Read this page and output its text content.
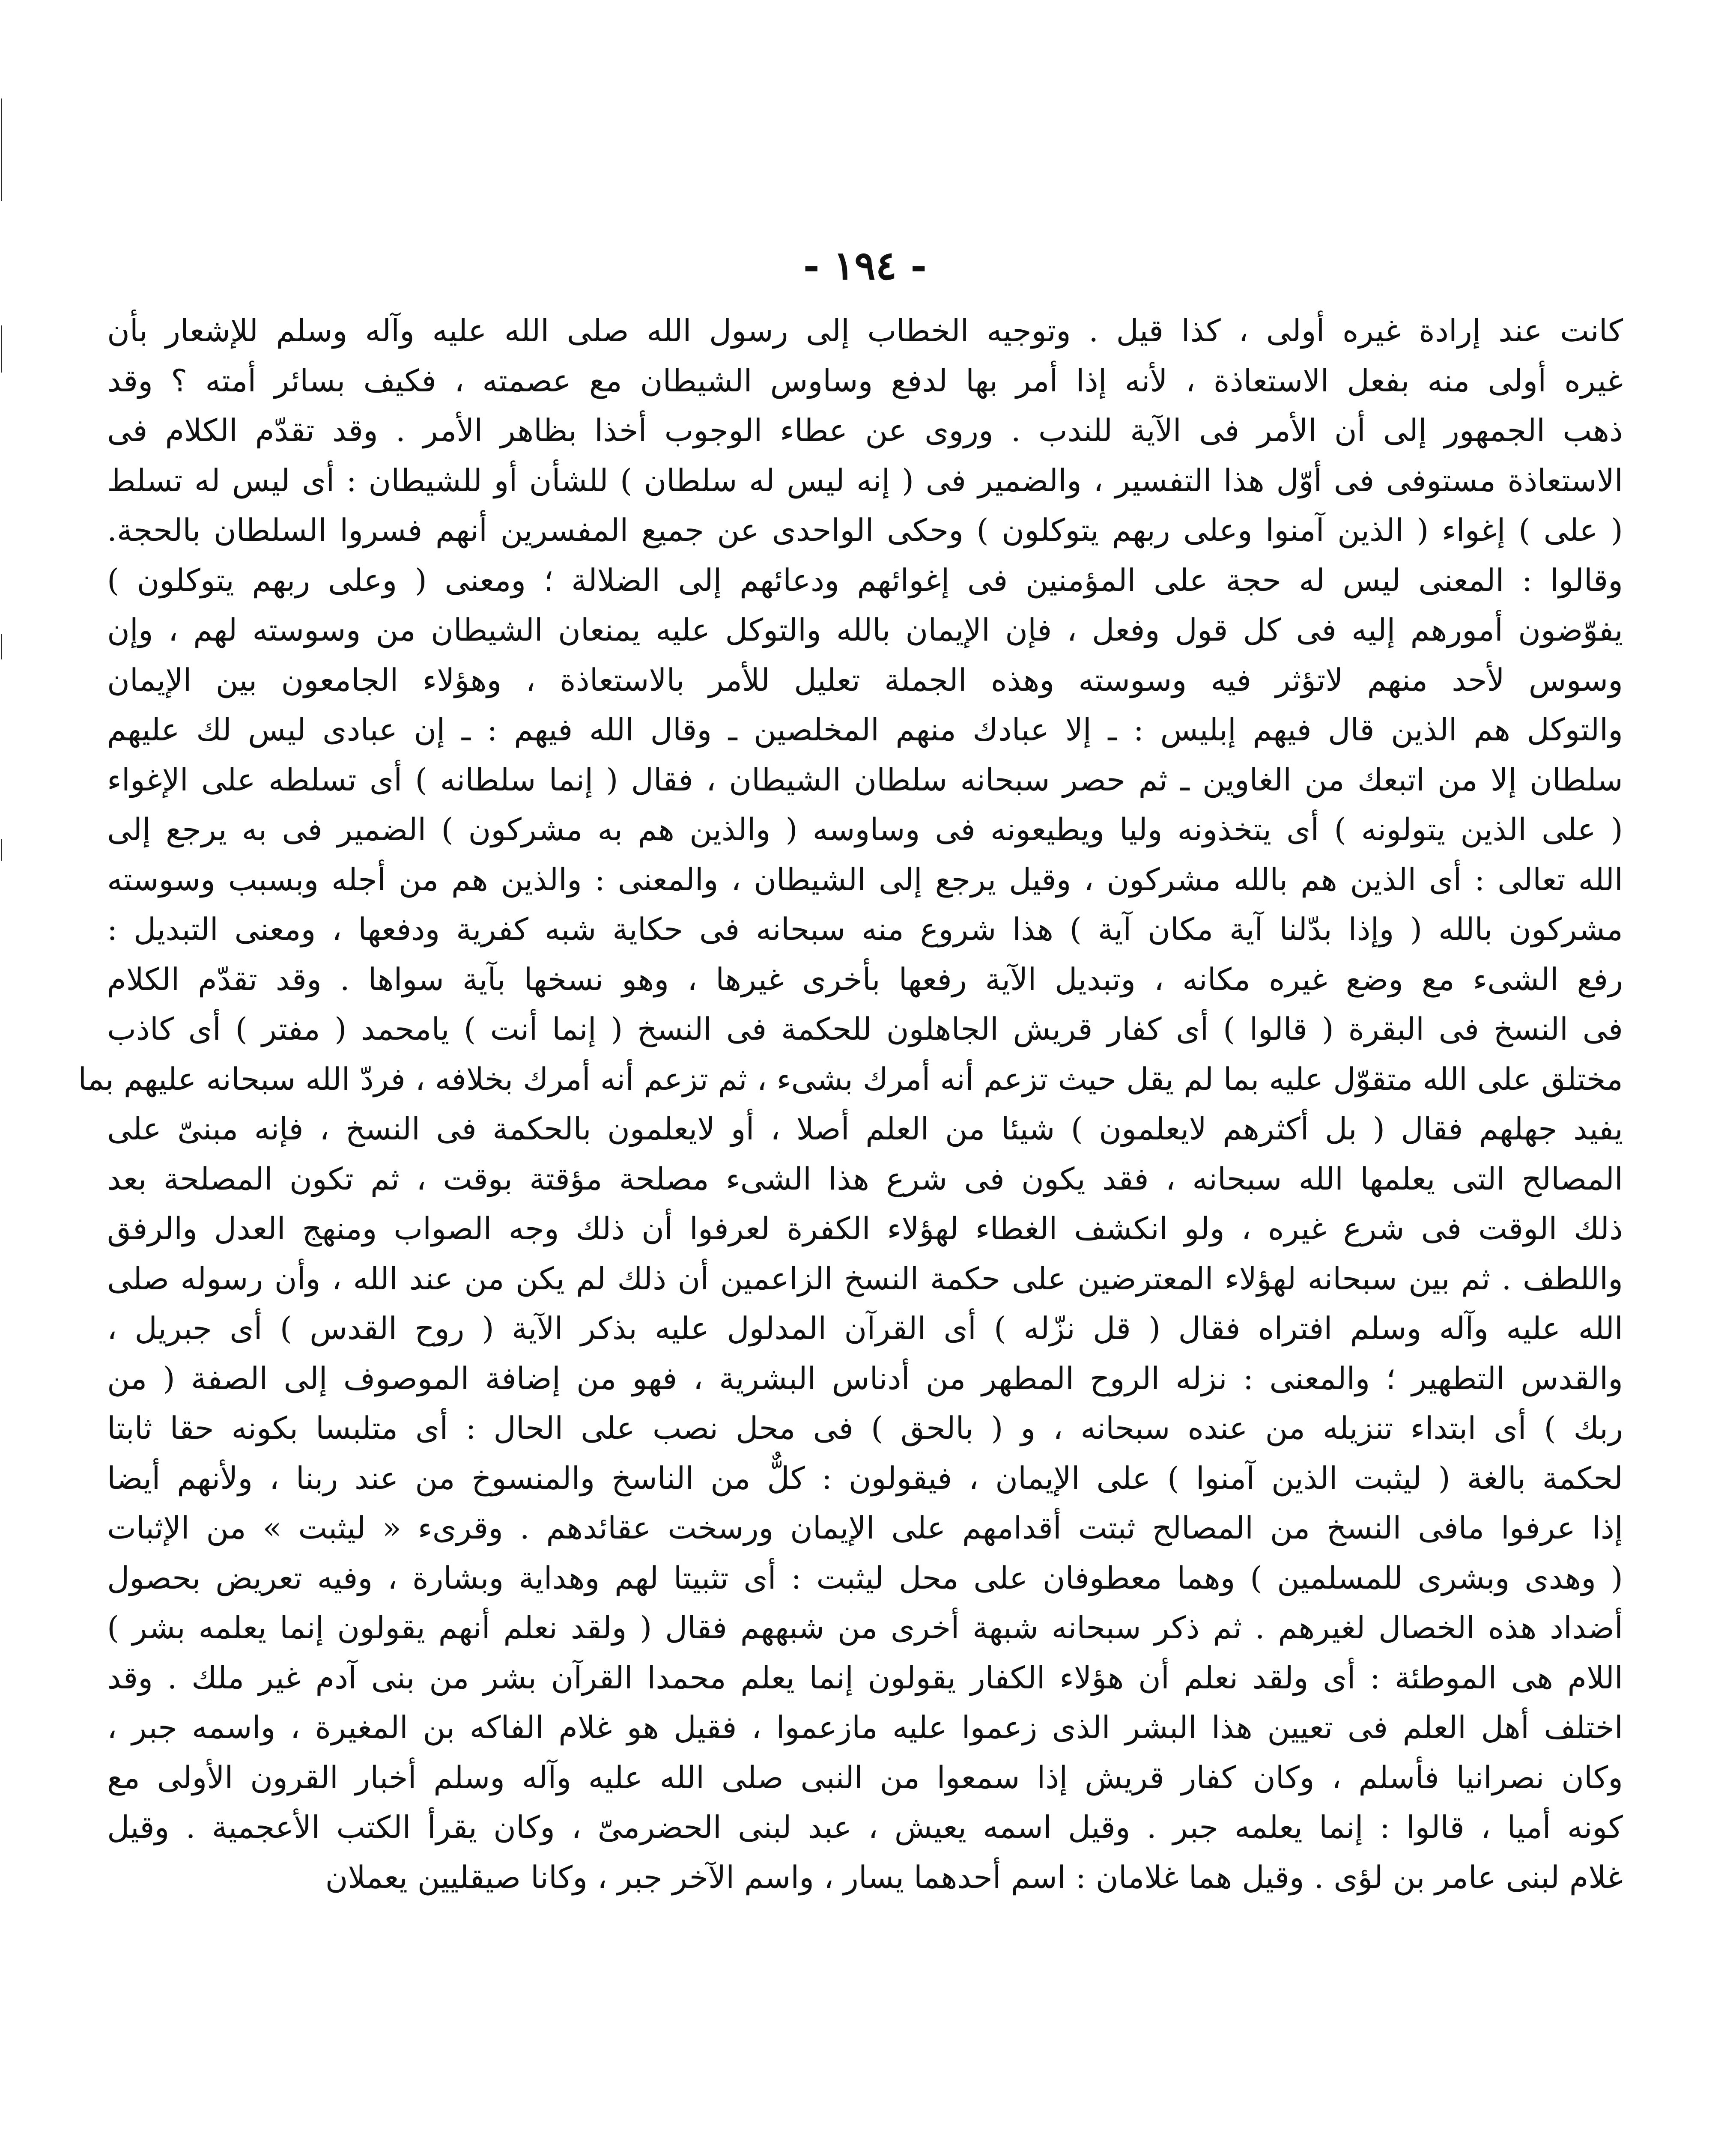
- ١٩٤ -
كانت عند إرادة غيره أولى ، كذا قيل . وتوجيه الخطاب إلى رسول الله صلى الله عليه وآله وسلم للإشعار بأن
غيره أولى منه بفعل الاستعاذة ، لأنه إذا أمر بها لدفع وساوس الشيطان مع عصمته ، فكيف بسائر أمته ؟ وقد
ذهب الجمهور إلى أن الأمر فى الآية للندب . وروى عن عطاء الوجوب أخذا بظاهر الأمر . وقد تقدّم الكلام فى
الاستعاذة مستوفى فى أوّل هذا التفسير ، والضمير فى ( إنه ليس له سلطان ) للشأن أو للشيطان : أى ليس له تسلط
( على ) إغواء ( الذين آمنوا وعلى ربهم يتوكلون ) وحكى الواحدى عن جميع المفسرين أنهم فسروا السلطان بالحجة.
وقالوا : المعنى ليس له حجة على المؤمنين فى إغوائهم ودعائهم إلى الضلالة ؛ ومعنى ( وعلى ربهم يتوكلون )
يفوّضون أمورهم إليه فى كل قول وفعل ، فإن الإيمان بالله والتوكل عليه يمنعان الشيطان من وسوسته لهم ، وإن
وسوس لأحد منهم لاتؤثر فيه وسوسته وهذه الجملة تعليل للأمر بالاستعاذة ، وهؤلاء الجامعون بين الإيمان
والتوكل هم الذين قال فيهم إبليس : ـ إلا عبادك منهم المخلصين ـ وقال الله فيهم : ـ إن عبادى ليس لك عليهم
سلطان إلا من اتبعك من الغاوين ـ ثم حصر سبحانه سلطان الشيطان ، فقال ( إنما سلطانه ) أى تسلطه على الإغواء
( على الذين يتولونه ) أى يتخذونه وليا ويطيعونه فى وساوسه ( والذين هم به مشركون ) الضمير فى به يرجع إلى
الله تعالى : أى الذين هم بالله مشركون ، وقيل يرجع إلى الشيطان ، والمعنى : والذين هم من أجله وبسبب وسوسته
مشركون بالله ( وإذا بدّلنا آية مكان آية ) هذا شروع منه سبحانه فى حكاية شبه كفرية ودفعها ، ومعنى التبديل :
رفع الشىء مع وضع غيره مكانه ، وتبديل الآية رفعها بأخرى غيرها ، وهو نسخها بآية سواها . وقد تقدّم الكلام
فى النسخ فى البقرة ( قالوا ) أى كفار قريش الجاهلون للحكمة فى النسخ ( إنما أنت ) يامحمد ( مفتر ) أى كاذب
مختلق على الله متقوّل عليه بما لم يقل حيث تزعم أنه أمرك بشىء ، ثم تزعم أنه أمرك بخلافه ، فردّ الله سبحانه عليهم بما
يفيد جهلهم فقال ( بل أكثرهم لايعلمون ) شيئا من العلم أصلا ، أو لايعلمون بالحكمة فى النسخ ، فإنه مبنىّ على
المصالح التى يعلمها الله سبحانه ، فقد يكون فى شرع هذا الشىء مصلحة مؤقتة بوقت ، ثم تكون المصلحة بعد
ذلك الوقت فى شرع غيره ، ولو انكشف الغطاء لهؤلاء الكفرة لعرفوا أن ذلك وجه الصواب ومنهج العدل والرفق
واللطف . ثم بين سبحانه لهؤلاء المعترضين على حكمة النسخ الزاعمين أن ذلك لم يكن من عند الله ، وأن رسوله صلى
الله عليه وآله وسلم افتراه فقال ( قل نزّله ) أى القرآن المدلول عليه بذكر الآية ( روح القدس ) أى جبريل ،
والقدس التطهير ؛ والمعنى : نزله الروح المطهر من أدناس البشرية ، فهو من إضافة الموصوف إلى الصفة ( من
ربك ) أى ابتداء تنزيله من عنده سبحانه ، و ( بالحق ) فى محل نصب على الحال : أى متلبسا بكونه حقا ثابتا
لحكمة بالغة ( ليثبت الذين آمنوا ) على الإيمان ، فيقولون : كلٌّ من الناسخ والمنسوخ من عند ربنا ، ولأنهم أيضا
إذا عرفوا مافى النسخ من المصالح ثبتت أقدامهم على الإيمان ورسخت عقائدهم . وقرىء « ليثبت » من الإثبات
( وهدى وبشرى للمسلمين ) وهما معطوفان على محل ليثبت : أى تثبيتا لهم وهداية وبشارة ، وفيه تعريض بحصول
أضداد هذه الخصال لغيرهم . ثم ذكر سبحانه شبهة أخرى من شبههم فقال ( ولقد نعلم أنهم يقولون إنما يعلمه بشر )
اللام هى الموطئة : أى ولقد نعلم أن هؤلاء الكفار يقولون إنما يعلم محمدا القرآن بشر من بنى آدم غير ملك . وقد
اختلف أهل العلم فى تعيين هذا البشر الذى زعموا عليه مازعموا ، فقيل هو غلام الفاكه بن المغيرة ، واسمه جبر ،
وكان نصرانيا فأسلم ، وكان كفار قريش إذا سمعوا من النبى صلى الله عليه وآله وسلم أخبار القرون الأولى مع
كونه أميا ، قالوا : إنما يعلمه جبر . وقيل اسمه يعيش ، عبد لبنى الحضرمىّ ، وكان يقرأ الكتب الأعجمية . وقيل
غلام لبنى عامر بن لؤى . وقيل هما غلامان : اسم أحدهما يسار ، واسم الآخر جبر ، وكانا صيقليين يعملان
